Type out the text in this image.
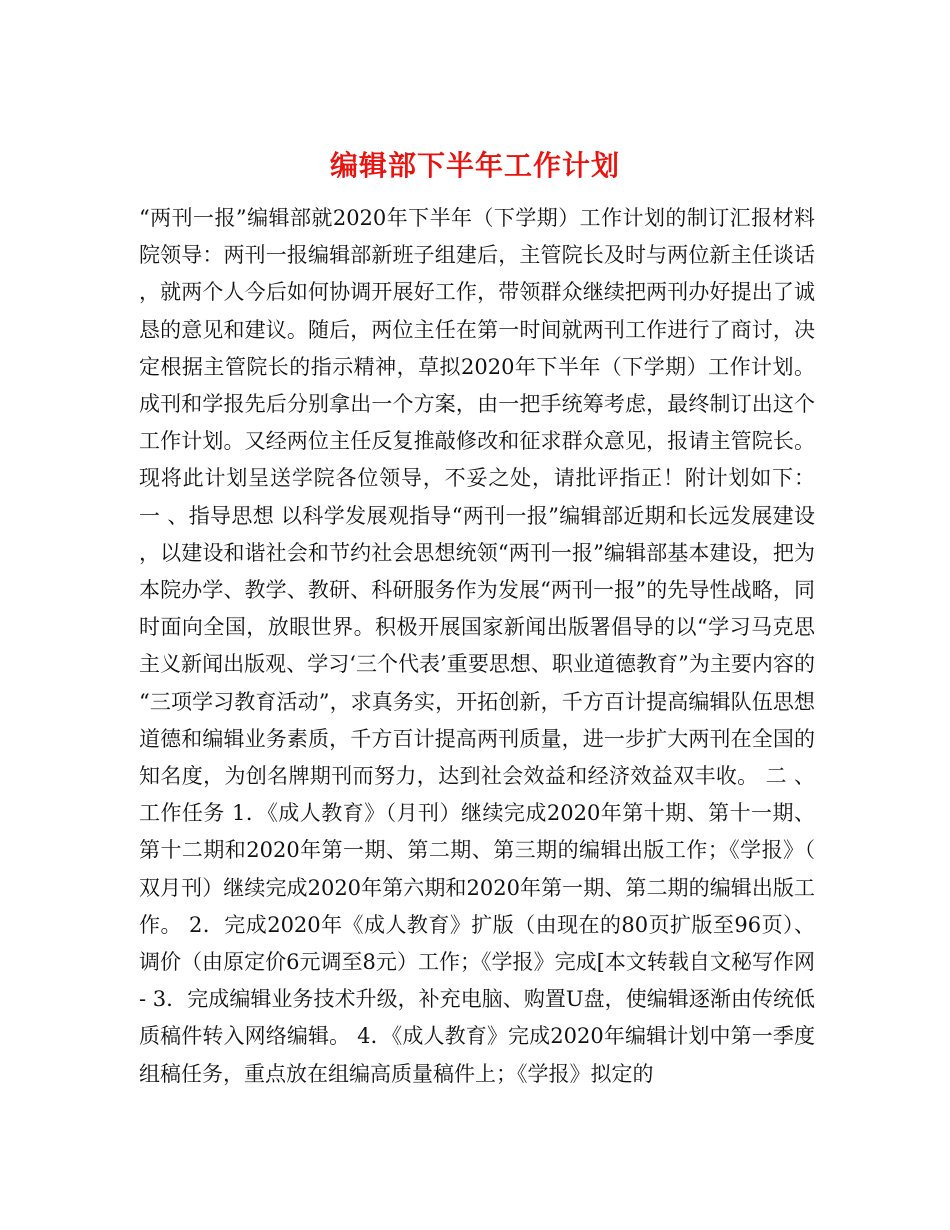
编辑部下半年工作计划

“两刊一报”编辑部就2020年下半年（下学期）工作计划的制订汇报材料 院领导：两刊一报编辑部新班子组建后，主管院长及时与两位新主任谈话，就两个人今后如何协调开展好工作，带领群众继续把两刊办好提出了诚恳的意见和建议。随后，两位主任在第一时间就两刊工作进行了商讨，决定根据主管院长的指示精神，草拟2020年下半年（下学期）工作计划。成刊和学报先后分别拿出一个方案，由一把手统筹考虑，最终制订出这个工作计划。又经两位主任反复推敲修改和征求群众意见，报请主管院长。现将此计划呈送学院各位领导，不妥之处，请批评指正！附计划如下： 一 、指导思想 以科学发展观指导“两刊一报”编辑部近期和长远发展建设，以建设和谐社会和节约社会思想统领“两刊一报”编辑部基本建设，把为本院办学、教学、教研、科研服务作为发展“两刊一报”的先导性战略，同时面向全国，放眼世界。积极开展国家新闻出版署倡导的以“学习马克思主义新闻出版观、学习‘三个代表’重要思想、职业道德教育”为主要内容的“三项学习教育活动”，求真务实，开拓创新，千方百计提高编辑队伍思想道德和编辑业务素质，千方百计提高两刊质量，进一步扩大两刊在全国的知名度，为创名牌期刊而努力，达到社会效益和经济效益双丰收。 二 、工作任务 1．《成人教育》（月刊）继续完成2020年第十期、第十一期、第十二期和2020年第一期、第二期、第三期的编辑出版工作；《学报》（双月刊）继续完成2020年第六期和2020年第一期、第二期的编辑出版工作。 2．完成2020年《成人教育》扩版（由现在的80页扩版至96页）、调价（由原定价6元调至8元）工作；《学报》完成[本文转载自文秘写作网- 3．完成编辑业务技术升级，补充电脑、购置U盘，使编辑逐渐由传统低质稿件转入网络编辑。 4．《成人教育》完成2020年编辑计划中第一季度组稿任务，重点放在组编高质量稿件上；《学报》拟定的
